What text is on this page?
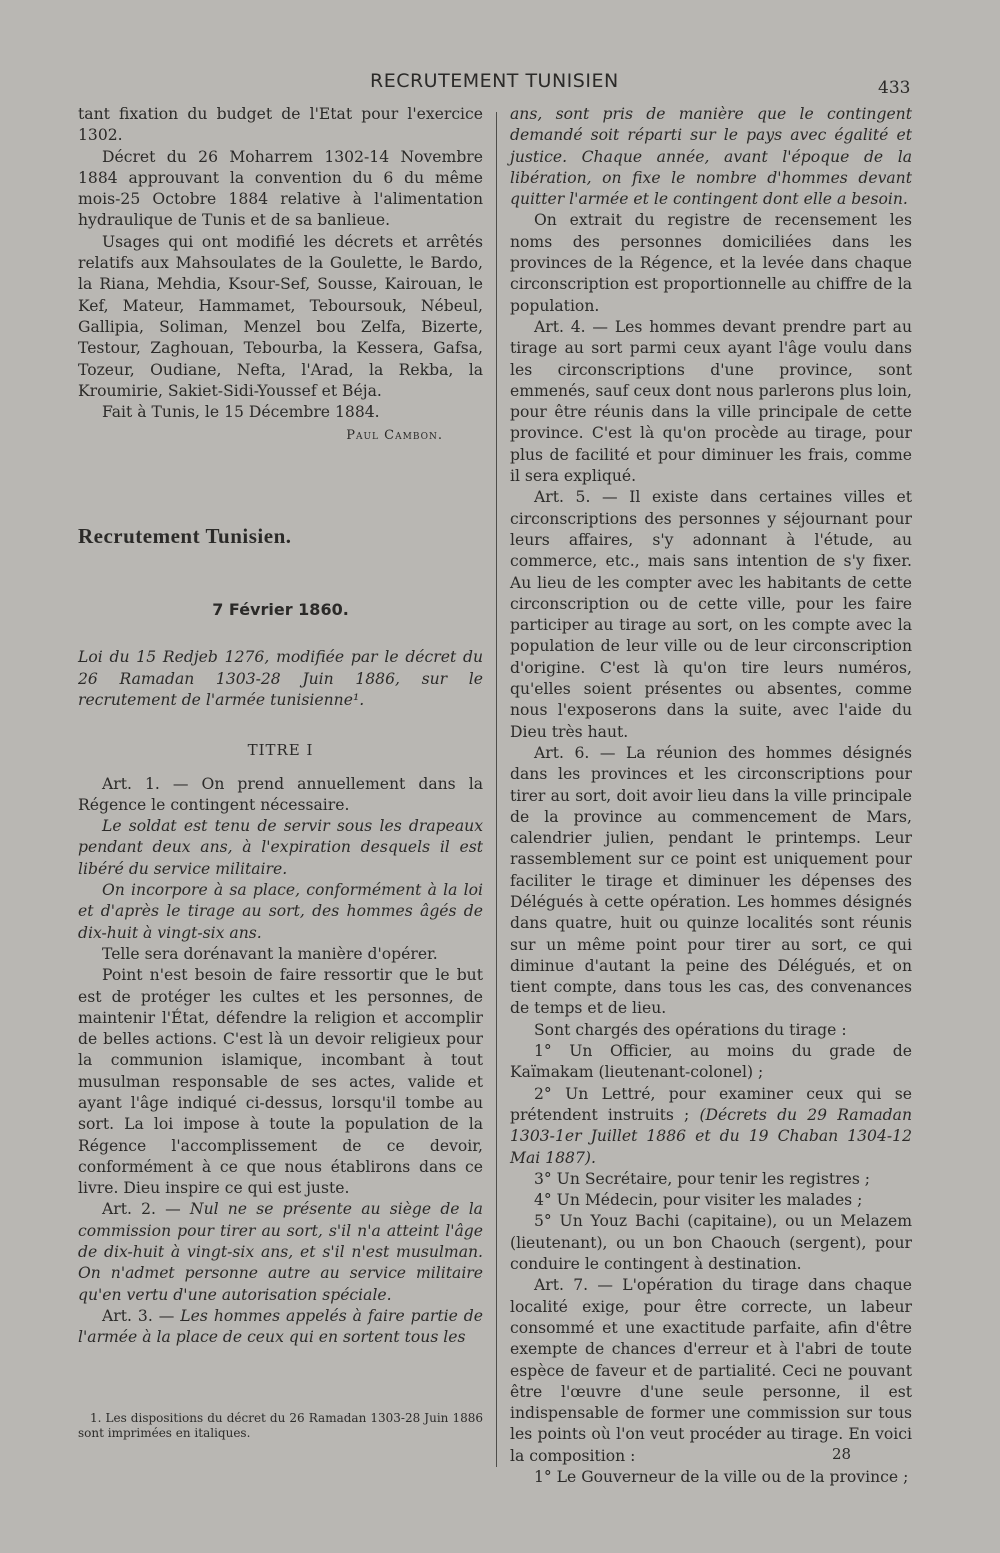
RECRUTEMENT TUNISIEN	433

tant fixation du budget de l'Etat pour l'exercice 1302.

Décret du 26 Moharrem 1302-14 Novembre 1884 approuvant la convention du 6 du même mois-25 Octobre 1884 relative à l'alimentation hydraulique de Tunis et de sa banlieue.

Usages qui ont modifié les décrets et arrêtés relatifs aux Mahsoulates de la Goulette, le Bardo, la Riana, Mehdia, Ksour-Sef, Sousse, Kairouan, le Kef, Mateur, Hammamet, Teboursouk, Nébeul, Gallipia, Soliman, Menzel bou Zelfa, Bizerte, Testour, Zaghouan, Tebourba, la Kessera, Gafsa, Tozeur, Oudiane, Nefta, l'Arad, la Rekba, la Kroumirie, Sakiet-Sidi-Youssef et Béja.

Fait à Tunis, le 15 Décembre 1884.

Paul Cambon.

Recrutement Tunisien.

7 Février 1860.

Loi du 15 Redjeb 1276, modifiée par le décret du 26 Ramadan 1303-28 Juin 1886, sur le recrutement de l'armée tunisienne¹.

TITRE I

Art. 1. — On prend annuellement dans la Régence le contingent nécessaire.

Le soldat est tenu de servir sous les drapeaux pendant deux ans, à l'expiration desquels il est libéré du service militaire.

On incorpore à sa place, conformément à la loi et d'après le tirage au sort, des hommes âgés de dix-huit à vingt-six ans.

Telle sera dorénavant la manière d'opérer.

Point n'est besoin de faire ressortir que le but est de protéger les cultes et les personnes, de maintenir l'État, défendre la religion et accomplir de belles actions. C'est là un devoir religieux pour la communion islamique, incombant à tout musulman responsable de ses actes, valide et ayant l'âge indiqué ci-dessus, lorsqu'il tombe au sort. La loi impose à toute la population de la Régence l'accomplissement de ce devoir, conformément à ce que nous établirons dans ce livre. Dieu inspire ce qui est juste.

Art. 2. — Nul ne se présente au siège de la commission pour tirer au sort, s'il n'a atteint l'âge de dix-huit à vingt-six ans, et s'il n'est musulman. On n'admet personne autre au service militaire qu'en vertu d'une autorisation spéciale.

Art. 3. — Les hommes appelés à faire partie de l'armée à la place de ceux qui en sortent tous les

1. Les dispositions du décret du 26 Ramadan 1303-28 Juin 1886 sont imprimées en italiques.

ans, sont pris de manière que le contingent demandé soit réparti sur le pays avec égalité et justice. Chaque année, avant l'époque de la libération, on fixe le nombre d'hommes devant quitter l'armée et le contingent dont elle a besoin.

On extrait du registre de recensement les noms des personnes domiciliées dans les provinces de la Régence, et la levée dans chaque circonscription est proportionnelle au chiffre de la population.

Art. 4. — Les hommes devant prendre part au tirage au sort parmi ceux ayant l'âge voulu dans les circonscriptions d'une province, sont emmenés, sauf ceux dont nous parlerons plus loin, pour être réunis dans la ville principale de cette province. C'est là qu'on procède au tirage, pour plus de facilité et pour diminuer les frais, comme il sera expliqué.

Art. 5. — Il existe dans certaines villes et circonscriptions des personnes y séjournant pour leurs affaires, s'y adonnant à l'étude, au commerce, etc., mais sans intention de s'y fixer. Au lieu de les compter avec les habitants de cette circonscription ou de cette ville, pour les faire participer au tirage au sort, on les compte avec la population de leur ville ou de leur circonscription d'origine. C'est là qu'on tire leurs numéros, qu'elles soient présentes ou absentes, comme nous l'exposerons dans la suite, avec l'aide du Dieu très haut.

Art. 6. — La réunion des hommes désignés dans les provinces et les circonscriptions pour tirer au sort, doit avoir lieu dans la ville principale de la province au commencement de Mars, calendrier julien, pendant le printemps. Leur rassemblement sur ce point est uniquement pour faciliter le tirage et diminuer les dépenses des Délégués à cette opération. Les hommes désignés dans quatre, huit ou quinze localités sont réunis sur un même point pour tirer au sort, ce qui diminue d'autant la peine des Délégués, et on tient compte, dans tous les cas, des convenances de temps et de lieu.

Sont chargés des opérations du tirage :

1° Un Officier, au moins du grade de Kaïmakam (lieutenant-colonel) ;

2° Un Lettré, pour examiner ceux qui se prétendent instruits ; (Décrets du 29 Ramadan 1303-1er Juillet 1886 et du 19 Chaban 1304-12 Mai 1887).

3° Un Secrétaire, pour tenir les registres ;

4° Un Médecin, pour visiter les malades ;

5° Un Youz Bachi (capitaine), ou un Melazem (lieutenant), ou un bon Chaouch (sergent), pour conduire le contingent à destination.

Art. 7. — L'opération du tirage dans chaque localité exige, pour être correcte, un labeur consommé et une exactitude parfaite, afin d'être exempte de chances d'erreur et à l'abri de toute espèce de faveur et de partialité. Ceci ne pouvant être l'œuvre d'une seule personne, il est indispensable de former une commission sur tous les points où l'on veut procéder au tirage. En voici la composition :

1° Le Gouverneur de la ville ou de la province ;

28
